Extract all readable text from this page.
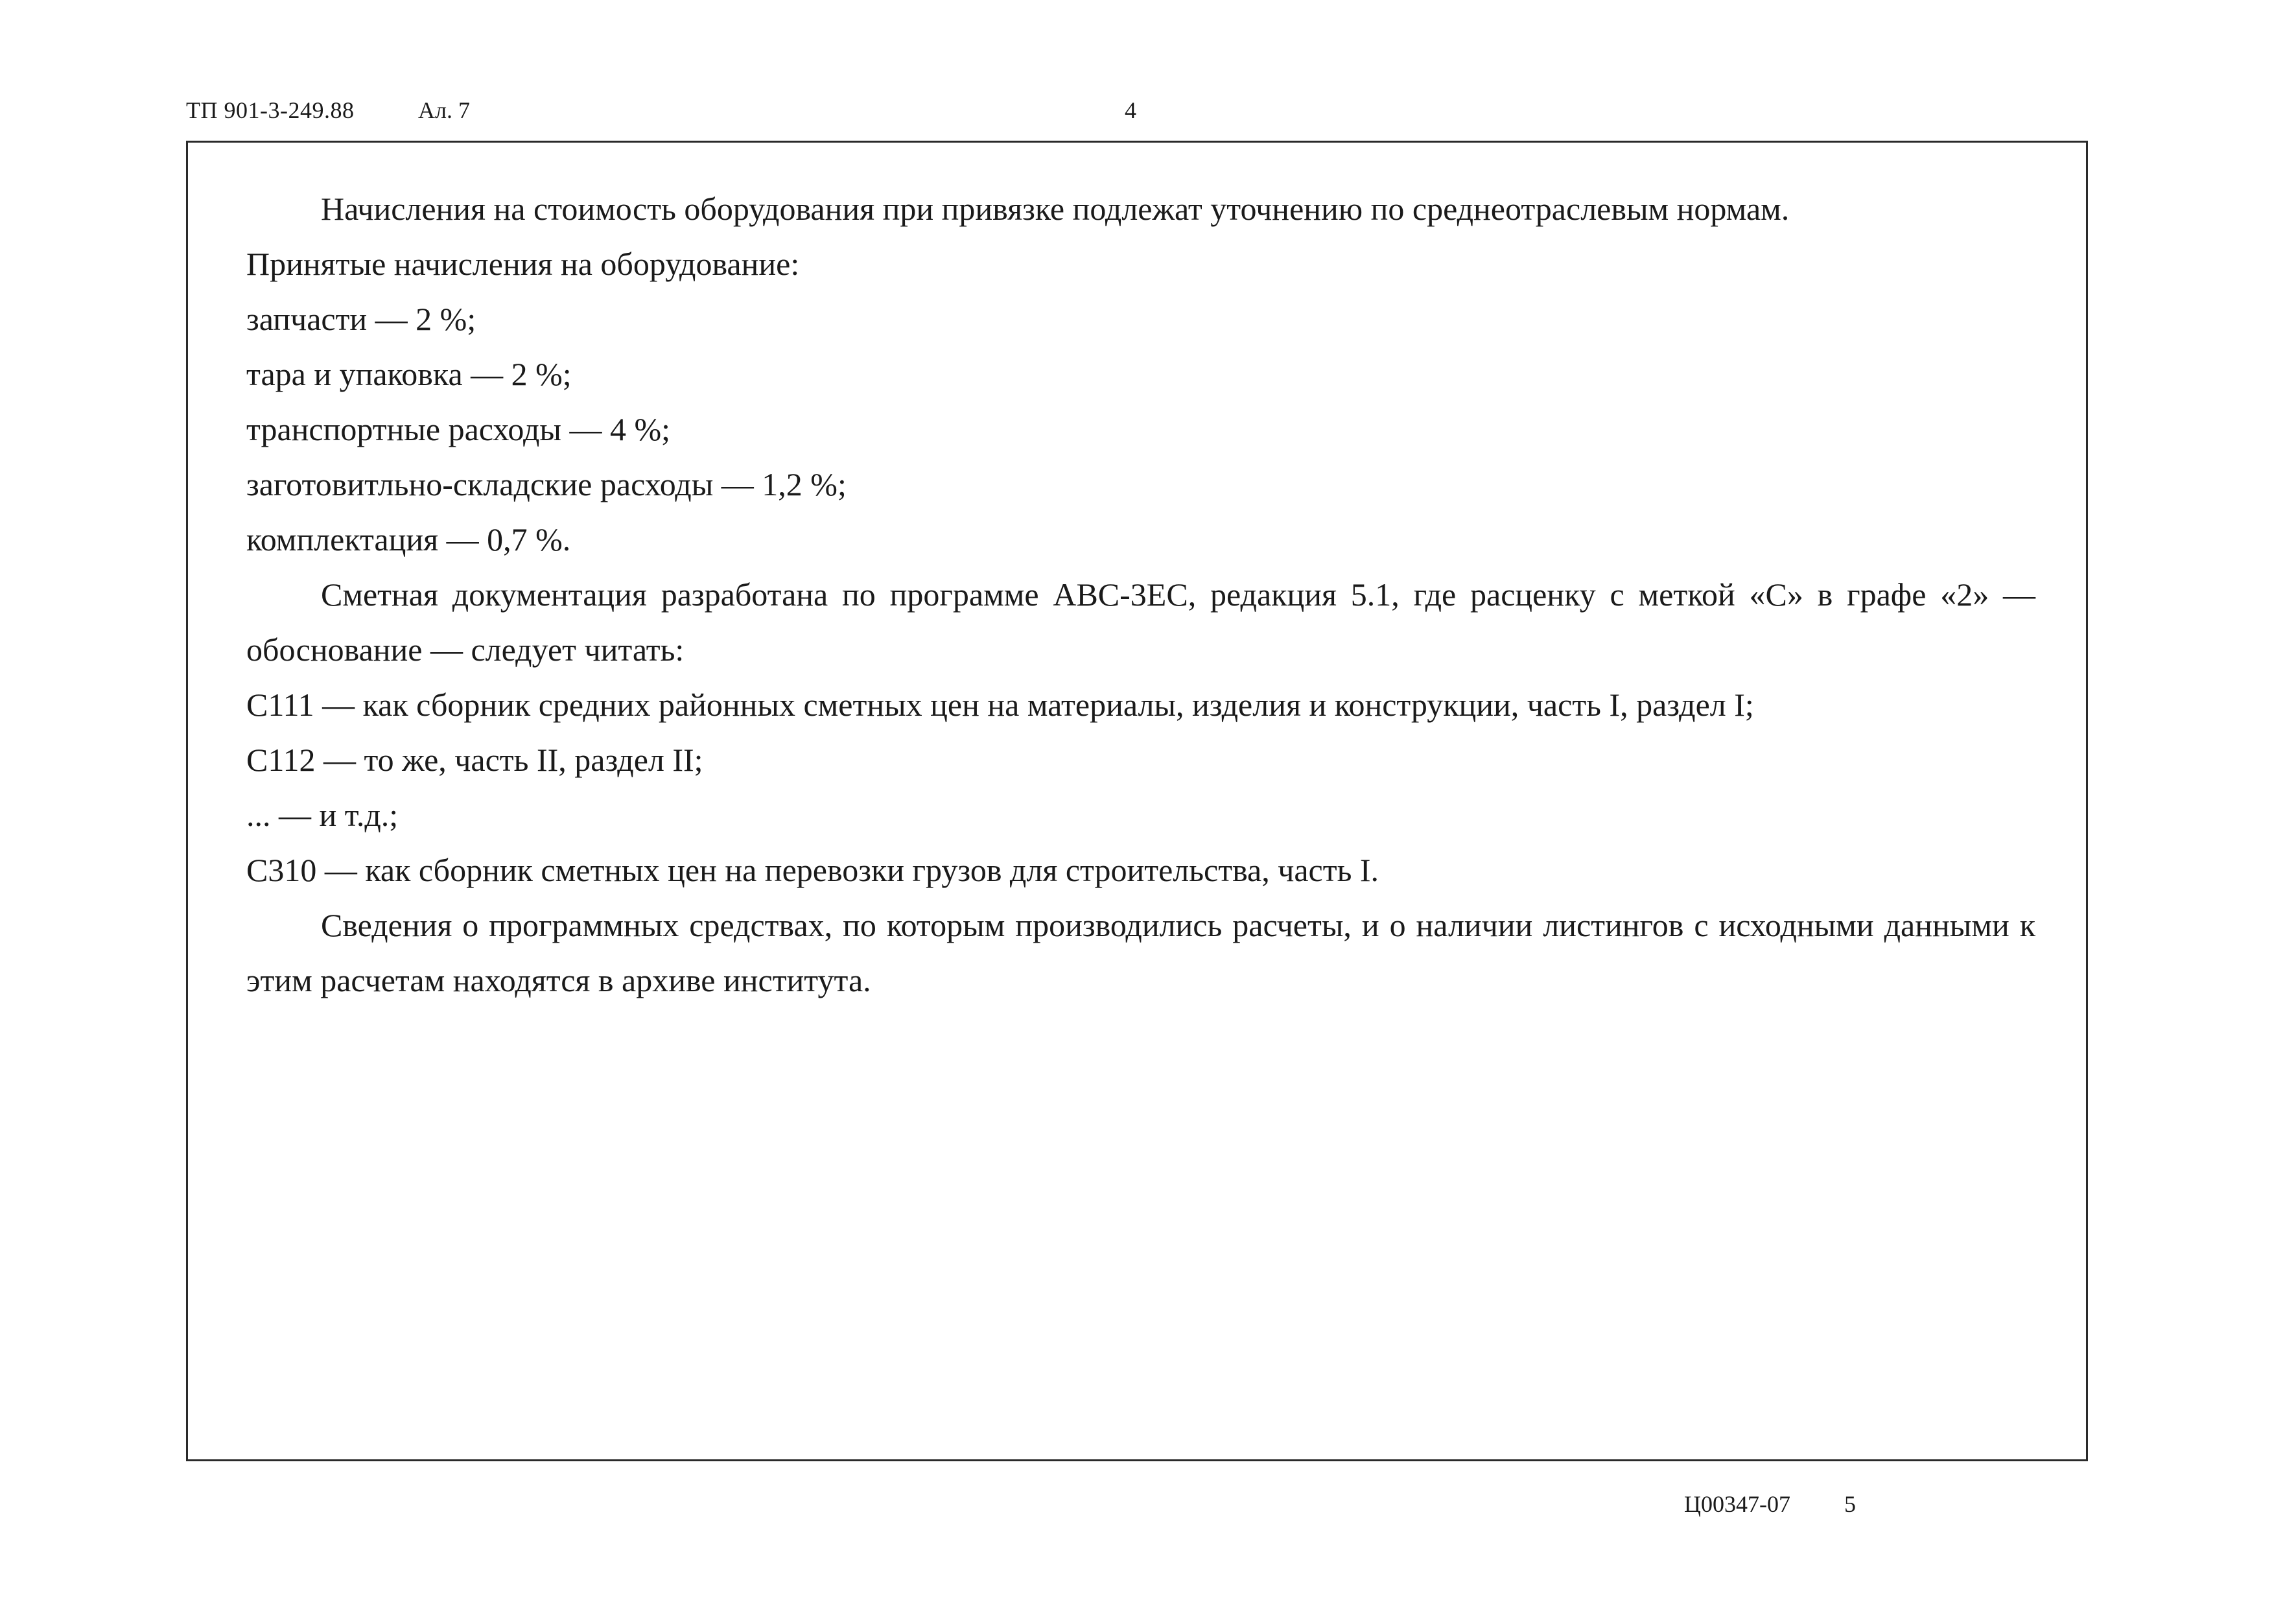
ТП 901-3-249.88	Ал. 7	4

Начисления на стоимость оборудования при привязке подлежат уточнению по среднеотраслевым нормам.

Принятые начисления на оборудование:

запчасти — 2 %;

тара и упаковка — 2 %;

транспортные расходы — 4 %;

заготовитльно-складские расходы — 1,2 %;

комплектация — 0,7 %.

Сметная документация разработана по программе АВС-3ЕС, редакция 5.1, где расценку с меткой «С» в графе «2» — обоснование — следует читать:

С111 — как сборник средних районных сметных цен на материалы, изделия и конструкции, часть I, раздел I;

С112 — то же, часть II, раздел II;

... — и т.д.;

С310 — как сборник сметных цен на перевозки грузов для строительства, часть I.

Сведения о программных средствах, по которым производились расчеты, и о наличии листингов с исходными данными к этим расчетам находятся в архиве института.

Ц00347-07 5
